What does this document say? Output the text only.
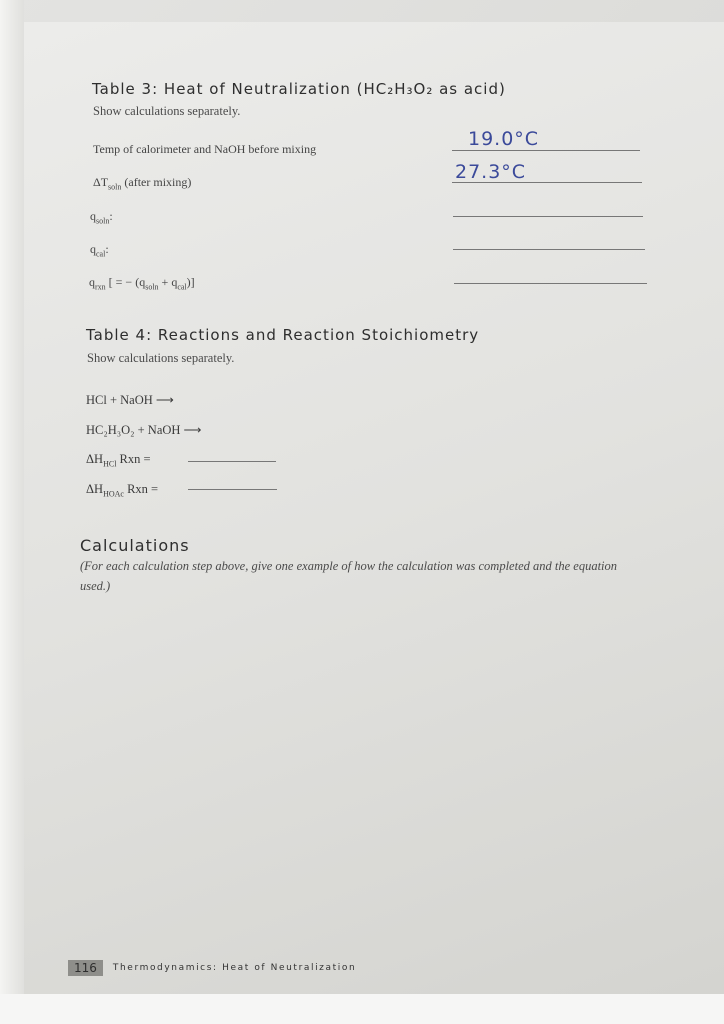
Table 3: Heat of Neutralization (HC₂H₃O₂ as acid)
Show calculations separately.
Temp of calorimeter and NaOH before mixing	19.0°C
$\Delta T_{soln}$ (after mixing)	27.3°C
$q_{soln}$:
$q_{cal}$:
$q_{rxn}$ [ = − $(q_{soln} + q_{cal})$]
Table 4: Reactions and Reaction Stoichiometry
Show calculations separately.
HCl + NaOH ⟶
HC₂H₃O₂ + NaOH ⟶
$\Delta H_{HCl}$ Rxn =
$\Delta H_{HOAc}$ Rxn =
Calculations
(For each calculation step above, give one example of how the calculation was completed and the equation used.)
116	Thermodynamics: Heat of Neutralization
